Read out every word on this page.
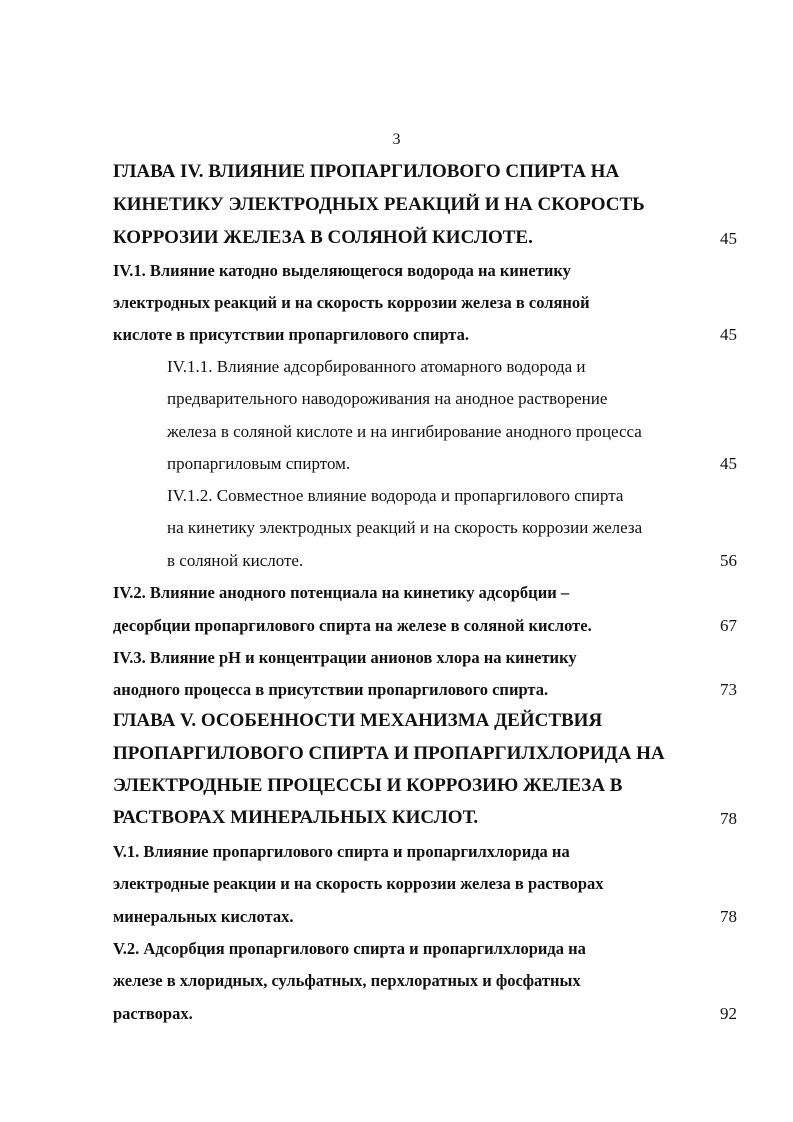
3
ГЛАВА IV. ВЛИЯНИЕ ПРОПАРГИЛОВОГО СПИРТА НА
КИНЕТИКУ ЭЛЕКТРОДНЫХ РЕАКЦИЙ И НА СКОРОСТЬ
КОРРОЗИИ ЖЕЛЕЗА В СОЛЯНОЙ КИСЛОТЕ.	45
IV.1. Влияние катодно выделяющегося водорода на кинетику
электродных реакций и на скорость коррозии железа в соляной
кислоте в присутствии пропаргилового спирта.	45
IV.1.1. Влияние адсорбированного атомарного водорода и
предварительного наводороживания на анодное растворение
железа в соляной кислоте и на ингибирование анодного процесса
пропаргиловым спиртом.	45
IV.1.2. Совместное влияние водорода и пропаргилового спирта
на кинетику электродных реакций и на скорость коррозии железа
в соляной кислоте.	56
IV.2. Влияние анодного потенциала на кинетику адсорбции –
десорбции пропаргилового спирта на железе в соляной кислоте.	67
IV.3. Влияние рН и концентрации анионов хлора на кинетику
анодного процесса в присутствии пропаргилового спирта.	73
ГЛАВА V. ОСОБЕННОСТИ МЕХАНИЗМА ДЕЙСТВИЯ
ПРОПАРГИЛОВОГО СПИРТА И ПРОПАРГИЛХЛОРИДА НА
ЭЛЕКТРОДНЫЕ ПРОЦЕССЫ И КОРРОЗИЮ ЖЕЛЕЗА В
РАСТВОРАХ МИНЕРАЛЬНЫХ КИСЛОТ.	78
V.1. Влияние пропаргилового спирта и пропаргилхлорида на
электродные реакции и на скорость коррозии железа в растворах
минеральных кислотах.	78
V.2. Адсорбция пропаргилового спирта и пропаргилхлорида на
железе в хлоридных, сульфатных, перхлоратных и фосфатных
растворах.	92
